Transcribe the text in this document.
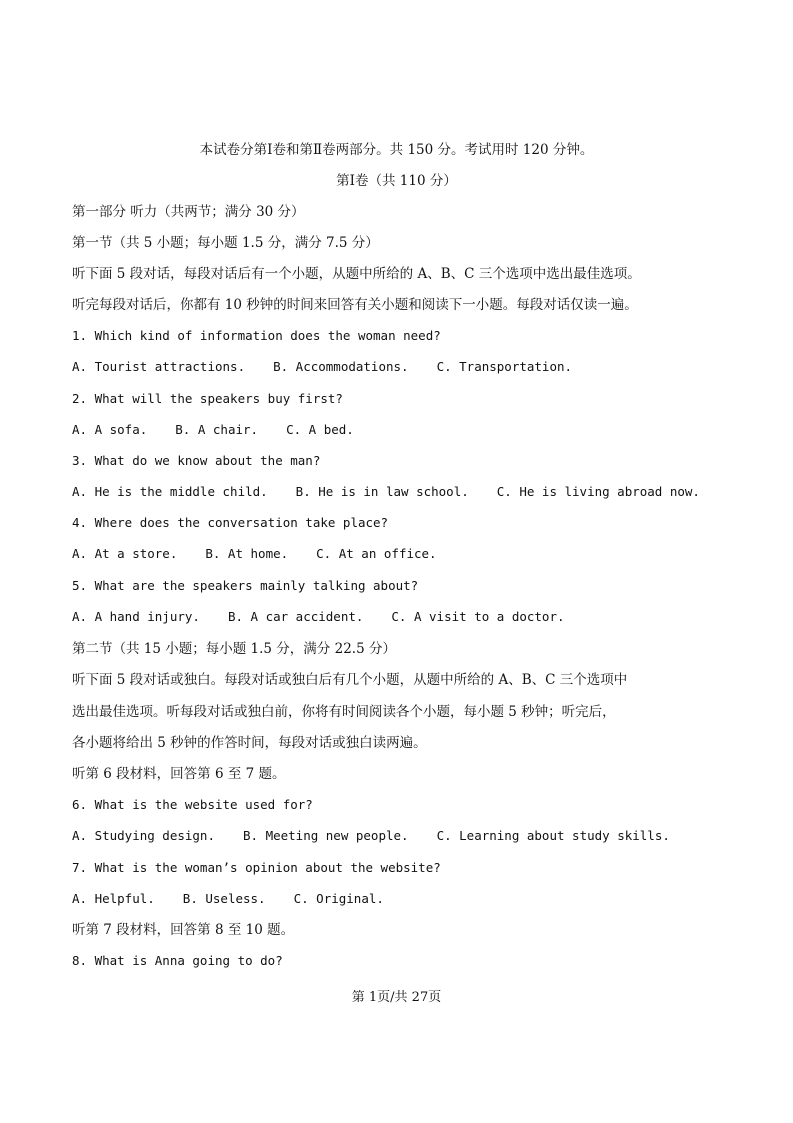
本试卷分第Ⅰ卷和第Ⅱ卷两部分。共 150 分。考试用时 120 分钟。
第Ⅰ卷（共 110 分）
第一部分 听力（共两节；满分 30 分）
第一节（共 5 小题；每小题 1.5 分，满分 7.5 分）
听下面 5 段对话，每段对话后有一个小题，从题中所给的 A、B、C 三个选项中选出最佳选项。
听完每段对话后，你都有 10 秒钟的时间来回答有关小题和阅读下一小题。每段对话仅读一遍。
1. Which kind of information does the woman need?
A. Tourist attractions. B. Accommodations. C. Transportation.
2. What will the speakers buy first?
A. A sofa. B. A chair. C. A bed.
3. What do we know about the man?
A. He is the middle child. B. He is in law school. C. He is living abroad now.
4. Where does the conversation take place?
A. At a store. B. At home. C. At an office.
5. What are the speakers mainly talking about?
A. A hand injury. B. A car accident. C. A visit to a doctor.
第二节（共 15 小题；每小题 1.5 分，满分 22.5 分）
听下面 5 段对话或独白。每段对话或独白后有几个小题，从题中所给的 A、B、C 三个选项中
选出最佳选项。听每段对话或独白前，你将有时间阅读各个小题，每小题 5 秒钟；听完后，
各小题将给出 5 秒钟的作答时间，每段对话或独白读两遍。
听第 6 段材料，回答第 6 至 7 题。
6. What is the website used for?
A. Studying design. B. Meeting new people. C. Learning about study skills.
7. What is the woman’s opinion about the website?
A. Helpful. B. Useless. C. Original.
听第 7 段材料，回答第 8 至 10 题。
8. What is Anna going to do?
第 1页/共 27页
